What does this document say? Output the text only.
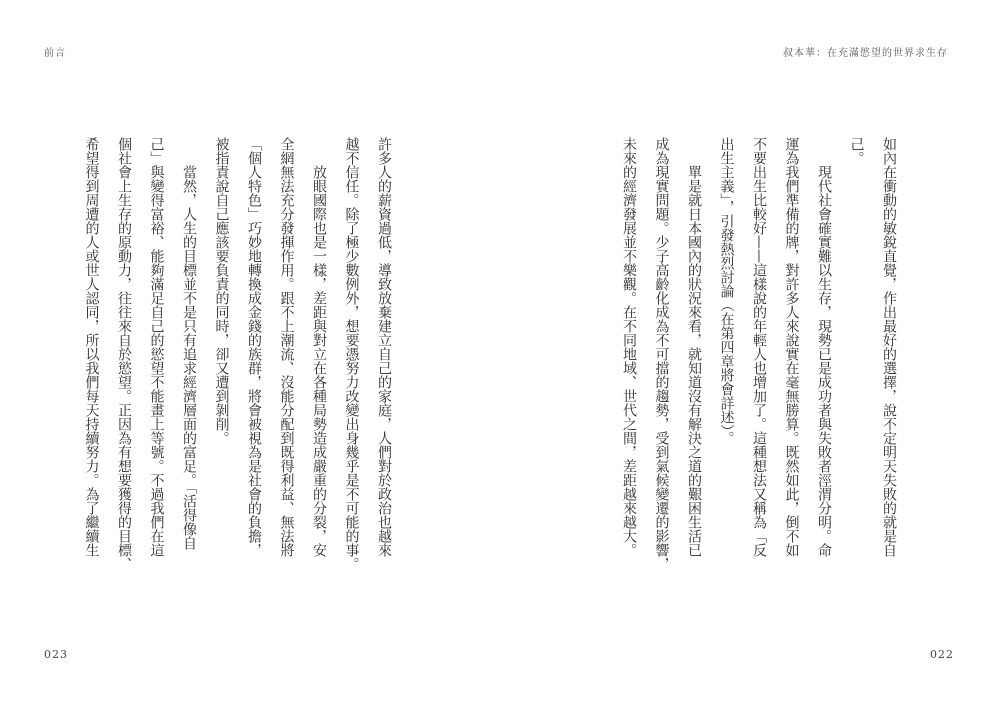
前言	叔本華：在充滿慾望的世界求生存
如內在衝動的敏銳直覺，作出最好的選擇，說不定明天失敗的就是自
己。
現代社會確實難以生存，現勢已是成功者與失敗者涇渭分明。命
運為我們準備的牌，對許多人來說實在毫無勝算。既然如此，倒不如
不要出生比較好——這樣說的年輕人也增加了。這種想法又稱為「反
出生主義」，引發熱烈討論（在第四章將會詳述）。
單是就日本國內的狀況來看，就知道沒有解決之道的艱困生活已
成為現實問題。少子高齡化成為不可擋的趨勢，受到氣候變遷的影響，
未來的經濟發展並不樂觀。在不同地域、世代之間，差距越來越大。
許多人的薪資過低，導致放棄建立自己的家庭，人們對於政治也越來
越不信任。除了極少數例外，想要憑努力改變出身幾乎是不可能的事。
放眼國際也是一樣，差距與對立在各種局勢造成嚴重的分裂，安
全網無法充分發揮作用。跟不上潮流、沒能分配到既得利益、無法將
「個人特色」巧妙地轉換成金錢的族群，將會被視為是社會的負擔，
被指責說自己應該要負責的同時，卻又遭到剝削。
當然，人生的目標並不是只有追求經濟層面的富足。「活得像自
己」與變得富裕、能夠滿足自己的慾望不能畫上等號。不過我們在這
個社會上生存的原動力，往往來自於慾望。正因為有想要獲得的目標、
希望得到周遭的人或世人認同，所以我們每天持續努力。為了繼續生
023	022
